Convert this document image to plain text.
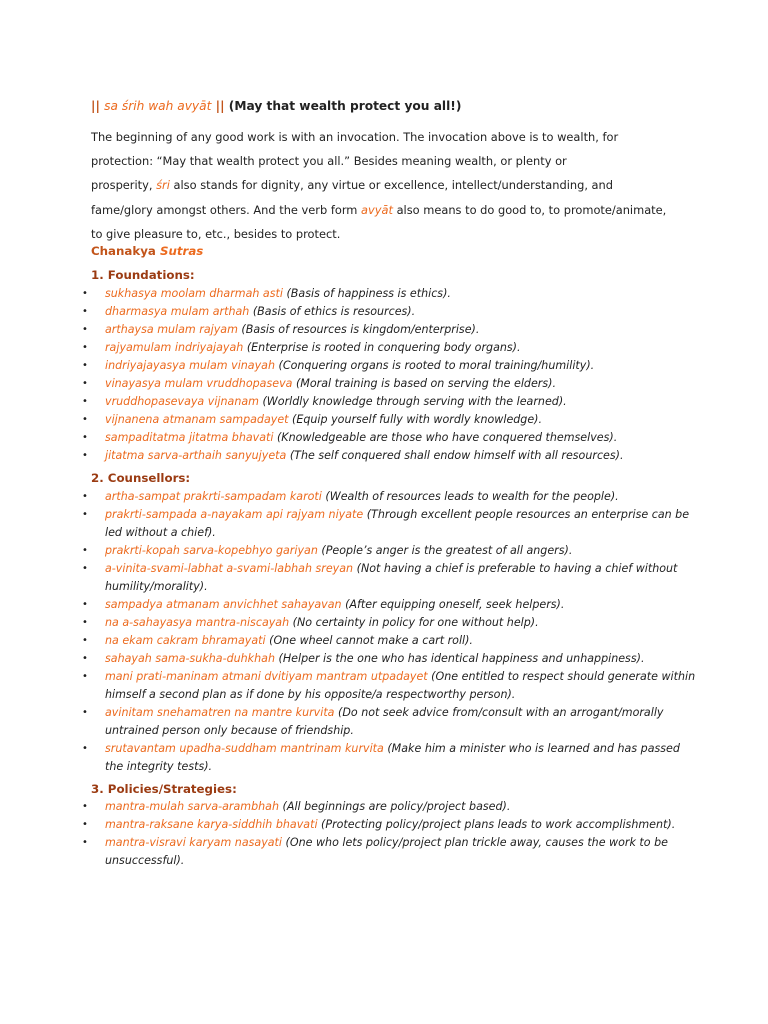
|| sa śrih wah avyāt || (May that wealth protect you all!)

The beginning of any good work is with an invocation. The invocation above is to wealth, for

protection: “May that wealth protect you all.” Besides meaning wealth, or plenty or

prosperity, śri also stands for dignity, any virtue or excellence, intellect/understanding, and

fame/glory amongst others. And the verb form avyāt also means to do good to, to promote/animate,

to give pleasure to, etc., besides to protect.

Chanakya Sutras
1. Foundations:
• sukhasya moolam dharmah asti (Basis of happiness is ethics).
• dharmasya mulam arthah (Basis of ethics is resources).
• arthaysa mulam rajyam (Basis of resources is kingdom/enterprise).
• rajyamulam indriyajayah (Enterprise is rooted in conquering body organs).
• indriyajayasya mulam vinayah (Conquering organs is rooted to moral training/humility).
• vinayasya mulam vruddhopaseva (Moral training is based on serving the elders).
• vruddhopasevaya vijnanam (Worldly knowledge through serving with the learned).
• vijnanena atmanam sampadayet (Equip yourself fully with wordly knowledge).
• sampaditatma jitatma bhavati (Knowledgeable are those who have conquered themselves).
• jitatma sarva-arthaih sanyujyeta (The self conquered shall endow himself with all resources).
2. Counsellors:
• artha-sampat prakrti-sampadam karoti (Wealth of resources leads to wealth for the people).
• prakrti-sampada a-nayakam api rajyam niyate (Through excellent people resources an enterprise can be led without a chief).
• prakrti-kopah sarva-kopebhyo gariyan (People’s anger is the greatest of all angers).
• a-vinita-svami-labhat a-svami-labhah sreyan (Not having a chief is preferable to having a chief without humility/morality).
• sampadya atmanam anvichhet sahayavan (After equipping oneself, seek helpers).
• na a-sahayasya mantra-niscayah (No certainty in policy for one without help).
• na ekam cakram bhramayati (One wheel cannot make a cart roll).
• sahayah sama-sukha-duhkhah (Helper is the one who has identical happiness and unhappiness).
• mani prati-maninam atmani dvitiyam mantram utpadayet (One entitled to respect should generate within himself a second plan as if done by his opposite/a respectworthy person).
• avinitam snehamatren na mantre kurvita (Do not seek advice from/consult with an arrogant/morally untrained person only because of friendship.
• srutavantam upadha-suddham mantrinam kurvita (Make him a minister who is learned and has passed the integrity tests).
3. Policies/Strategies:
• mantra-mulah sarva-arambhah (All beginnings are policy/project based).
• mantra-raksane karya-siddhih bhavati (Protecting policy/project plans leads to work accomplishment).
• mantra-visravi karyam nasayati (One who lets policy/project plan trickle away, causes the work to be unsuccessful).
